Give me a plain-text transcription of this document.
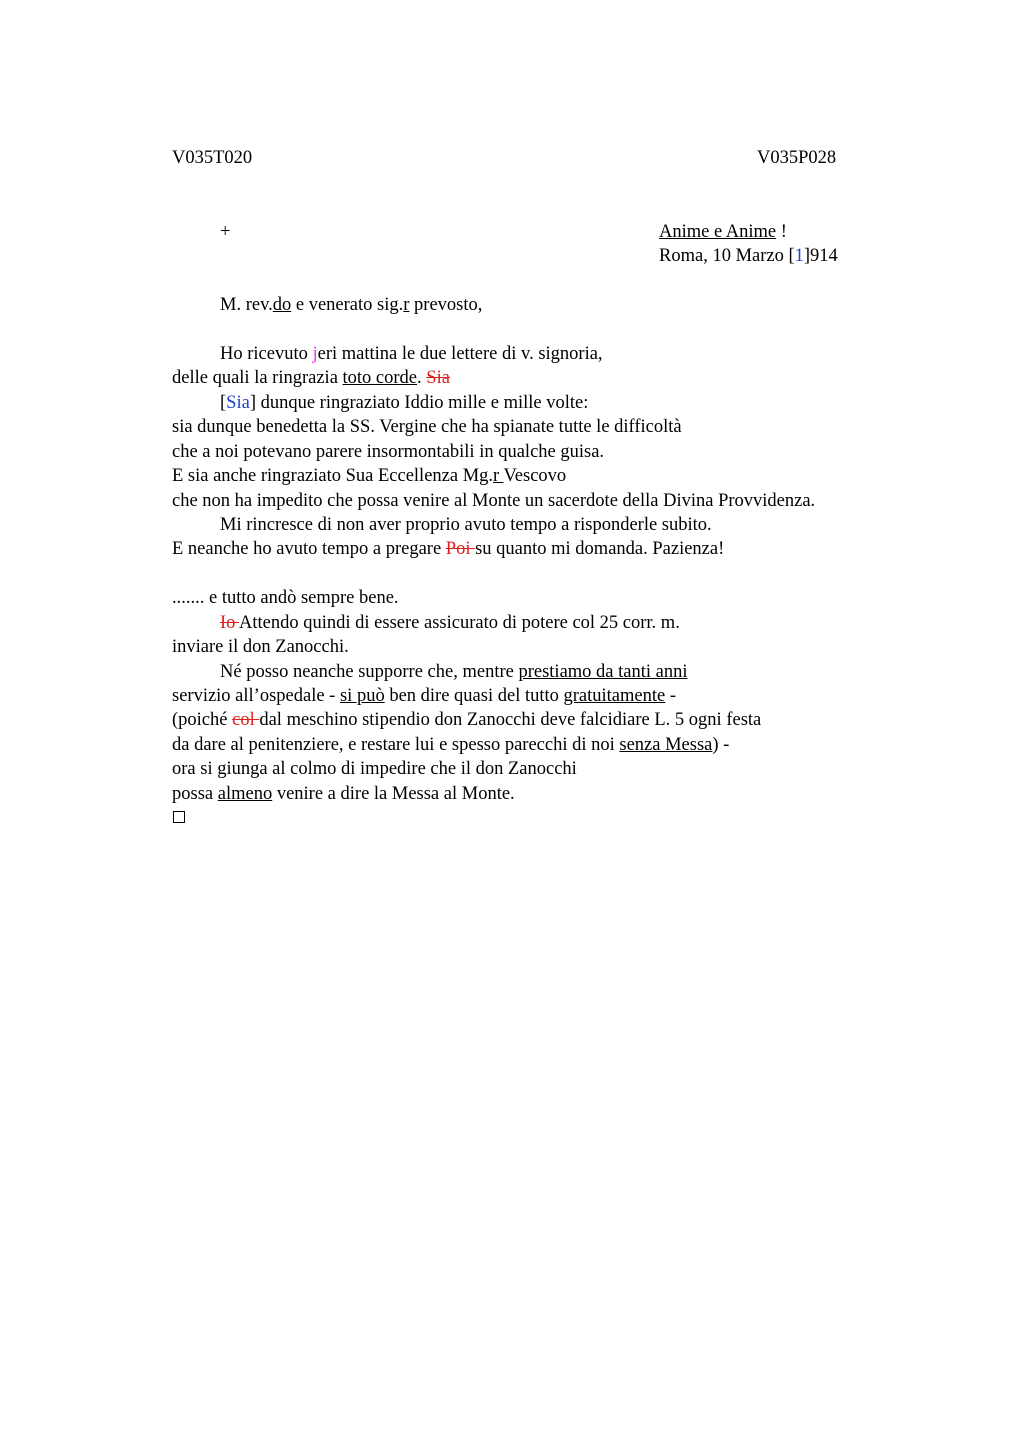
V035T020	V035P028
+	Anime e Anime !
Roma, 10 Marzo [1]914
M. rev.do e venerato sig.r prevosto,
Ho ricevuto jeri mattina le due lettere di v. signoria,
delle quali la ringrazia toto corde. Sia
[Sia] dunque ringraziato Iddio mille e mille volte:
sia dunque benedetta la SS. Vergine che ha spianate tutte le difficoltà
che a noi potevano parere insormontabili in qualche guisa.
E sia anche ringraziato Sua Eccellenza Mg.r Vescovo
che non ha impedito che possa venire al Monte un sacerdote della Divina Provvidenza.
Mi rincresce di non aver proprio avuto tempo a risponderle subito.
E neanche ho avuto tempo a pregare Poi su quanto mi domanda. Pazienza!
....... e tutto andò sempre bene.
Io Attendo quindi di essere assicurato di potere col 25 corr. m.
inviare il don Zanocchi.
Né posso neanche supporre che, mentre prestiamo da tanti anni
servizio all’ospedale - si può ben dire quasi del tutto gratuitamente -
(poiché col dal meschino stipendio don Zanocchi deve falcidiare L. 5 ogni festa
da dare al penitenziere, e restare lui e spesso parecchi di noi senza Messa) -
ora si giunga al colmo di impedire che il don Zanocchi
possa almeno venire a dire la Messa al Monte.
